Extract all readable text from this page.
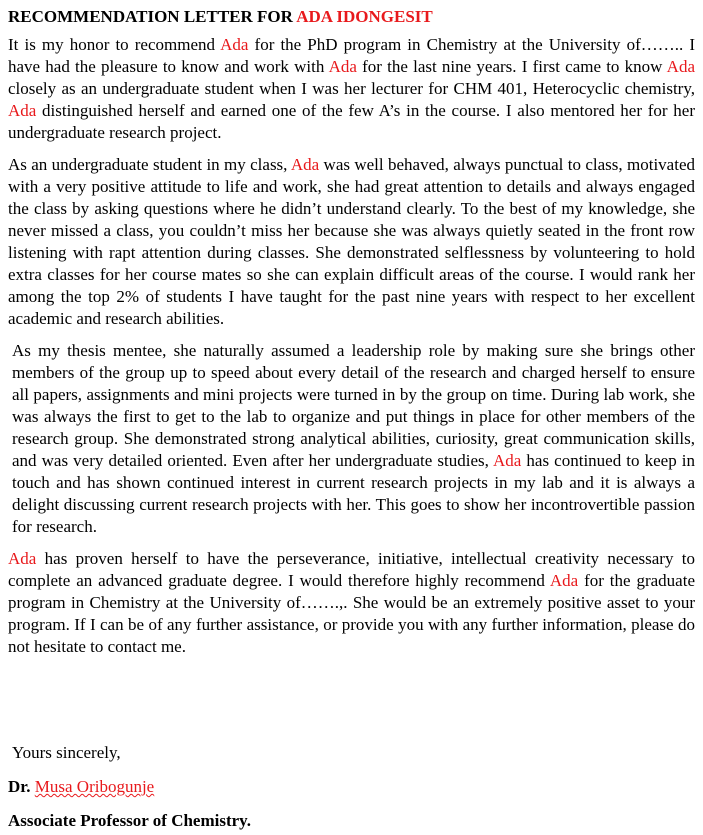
RECOMMENDATION LETTER FOR ADA IDONGESIT

It is my honor to recommend Ada for the PhD program in Chemistry at the University of…….. I have had the pleasure to know and work with Ada for the last nine years. I first came to know Ada closely as an undergraduate student when I was her lecturer for CHM 401, Heterocyclic chemistry, Ada distinguished herself and earned one of the few A’s in the course. I also mentored her for her undergraduate research project.

As an undergraduate student in my class, Ada was well behaved, always punctual to class, motivated with a very positive attitude to life and work, she had great attention to details and always engaged the class by asking questions where he didn’t understand clearly. To the best of my knowledge, she never missed a class, you couldn’t miss her because she was always quietly seated in the front row listening with rapt attention during classes. She demonstrated selflessness by volunteering to hold extra classes for her course mates so she can explain difficult areas of the course. I would rank her among the top 2% of students I have taught for the past nine years with respect to her excellent academic and research abilities.

As my thesis mentee, she naturally assumed a leadership role by making sure she brings other members of the group up to speed about every detail of the research and charged herself to ensure all papers, assignments and mini projects were turned in by the group on time. During lab work, she was always the first to get to the lab to organize and put things in place for other members of the research group. She demonstrated strong analytical abilities, curiosity, great communication skills, and was very detailed oriented. Even after her undergraduate studies, Ada has continued to keep in touch and has shown continued interest in current research projects in my lab and it is always a delight discussing current research projects with her. This goes to show her incontrovertible passion for research.

Ada has proven herself to have the perseverance, initiative, intellectual creativity necessary to complete an advanced graduate degree. I would therefore highly recommend Ada for the graduate program in Chemistry at the University of…….,. She would be an extremely positive asset to your program. If I can be of any further assistance, or provide you with any further information, please do not hesitate to contact me.

Yours sincerely,
Dr. Musa Oribogunje
Associate Professor of Chemistry.
